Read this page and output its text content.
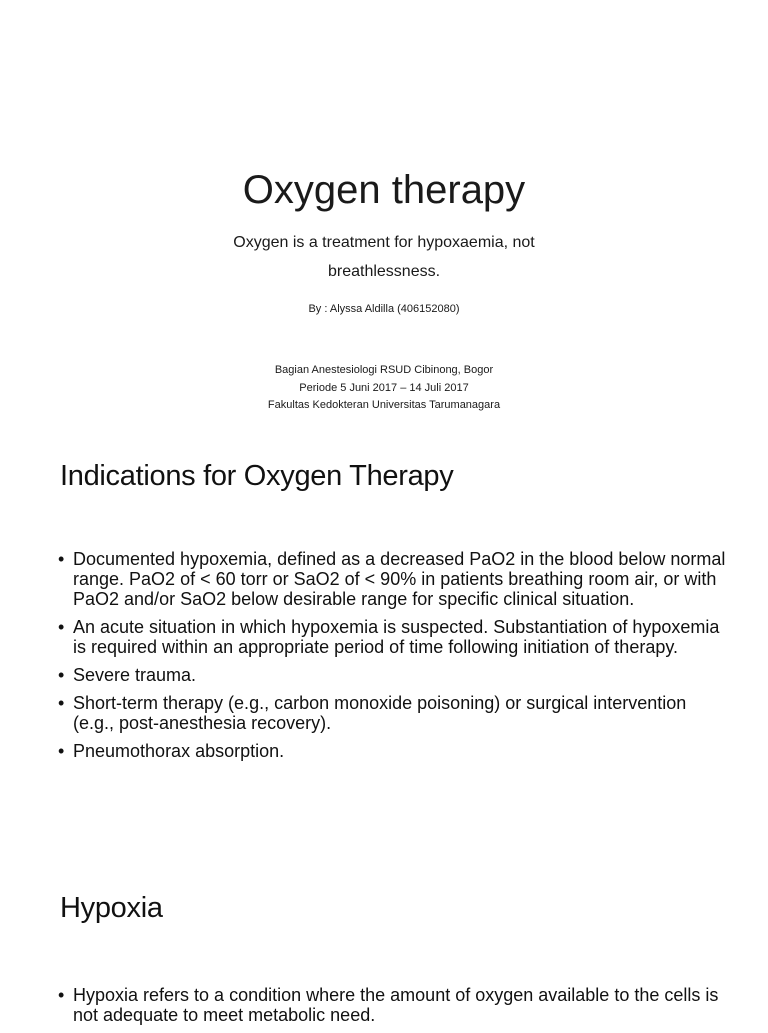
Oxygen therapy

Oxygen is a treatment for hypoxaemia, not
breathlessness.

By : Alyssa Aldilla (406152080)

Bagian Anestesiologi RSUD Cibinong, Bogor
Periode 5 Juni 2017 – 14 Juli 2017
Fakultas Kedokteran Universitas Tarumanagara
Indications for Oxygen Therapy
• Documented hypoxemia, defined as a decreased PaO2 in the blood below normal range. PaO2 of < 60 torr or SaO2 of < 90% in patients breathing room air, or with PaO2 and/or SaO2 below desirable range for specific clinical situation.
• An acute situation in which hypoxemia is suspected. Substantiation of hypoxemia is required within an appropriate period of time following initiation of therapy.
• Severe trauma.
• Short-term therapy (e.g., carbon monoxide poisoning) or surgical intervention (e.g., post-anesthesia recovery).
• Pneumothorax absorption.
Hypoxia
• Hypoxia refers to a condition where the amount of oxygen available to the cells is not adequate to meet metabolic need.
